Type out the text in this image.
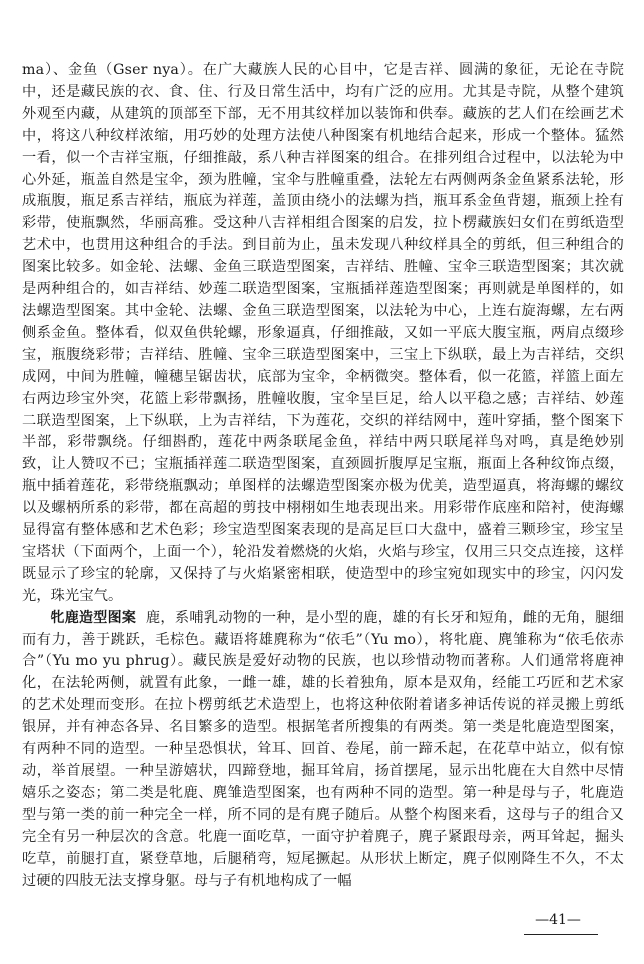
ma）、金鱼（Gser nya）。在广大藏族人民的心目中，它是吉祥、圆满的象征，无论在寺院中，还是藏民族的衣、食、住、行及日常生活中，均有广泛的应用。尤其是寺院，从整个建筑外观至内藏，从建筑的顶部至下部，无不用其纹样加以装饰和供奉。藏族的艺人们在绘画艺术中，将这八种纹样浓缩，用巧妙的处理方法使八种图案有机地结合起来，形成一个整体。猛然一看，似一个吉祥宝瓶，仔细推敲，系八种吉祥图案的组合。在排列组合过程中，以法轮为中心外延，瓶盖自然是宝伞，颈为胜幢，宝伞与胜幢重叠，法轮左右两侧两条金鱼紧系法轮，形成瓶腹，瓶足系吉祥结，瓶底为祥莲，盖顶由绕小的法螺为挡，瓶耳系金鱼背翅，瓶颈上拴有彩带，使瓶飘然，华丽高雅。受这种八吉祥相组合图案的启发，拉卜楞藏族妇女们在剪纸造型艺术中，也贯用这种组合的手法。到目前为止，虽未发现八种纹样具全的剪纸，但三种组合的图案比较多。如金轮、法螺、金鱼三联造型图案，吉祥结、胜幢、宝伞三联造型图案；其次就是两种组合的，如吉祥结、妙莲二联造型图案，宝瓶插祥莲造型图案；再则就是单图样的，如法螺造型图案。其中金轮、法螺、金鱼三联造型图案，以法轮为中心，上连右旋海螺，左右两侧系金鱼。整体看，似双鱼供轮螺，形象逼真，仔细推敲，又如一平底大腹宝瓶，两肩点缀珍宝，瓶腹绕彩带；吉祥结、胜幢、宝伞三联造型图案中，三宝上下纵联，最上为吉祥结，交织成网，中间为胜幢，幢穗呈锯齿状，底部为宝伞，伞柄微突。整体看，似一花篮，祥篮上面左右两边珍宝外突，花篮上彩带飘扬，胜幢收腹，宝伞呈巨足，给人以平稳之感；吉祥结、妙莲二联造型图案，上下纵联，上为吉祥结，下为莲花，交织的祥结网中，莲叶穿插，整个图案下半部，彩带飘绕。仔细斟酌，莲花中两条联尾金鱼，祥结中两只联尾祥鸟对鸣，真是绝妙别致，让人赞叹不已；宝瓶插祥莲二联造型图案，直颈圆折腹厚足宝瓶，瓶面上各种纹饰点缀，瓶中插着莲花，彩带绕瓶飘动；单图样的法螺造型图案亦极为优美，造型逼真，将海螺的螺纹以及螺柄所系的彩带，都在高超的剪技中栩栩如生地表现出来。用彩带作底座和陪衬，使海螺显得富有整体感和艺术色彩；珍宝造型图案表现的是高足巨口大盘中，盛着三颗珍宝，珍宝呈宝塔状（下面两个，上面一个），轮沿发着燃烧的火焰，火焰与珍宝，仅用三只交点连接，这样既显示了珍宝的轮廓，又保持了与火焰紧密相联，使造型中的珍宝宛如现实中的珍宝，闪闪发光，珠光宝气。

牝鹿造型图案 鹿，系哺乳动物的一种，是小型的鹿，雄的有长牙和短角，雌的无角，腿细而有力，善于跳跃，毛棕色。藏语将雄麂称为“依毛”（Yu mo），将牝鹿、麂雏称为“依毛依赤合”（Yu mo yu phrug）。藏民族是爱好动物的民族，也以珍惜动物而著称。人们通常将鹿神化，在法轮两侧，就置有此象，一雌一雄，雄的长着独角，原本是双角，经能工巧匠和艺术家的艺术处理而变形。在拉卜楞剪纸艺术造型上，也将这种依附着诸多神话传说的祥灵搬上剪纸银屏，并有神态各异、名目繁多的造型。根据笔者所搜集的有两类。第一类是牝鹿造型图案，有两种不同的造型。一种呈恐惧状，耸耳、回首、卷尾，前一蹄禾起，在花草中站立，似有惊动，举首展望。一种呈游嬉状，四蹄登地，掘耳耸肩，扬首摆尾，显示出牝鹿在大自然中尽情嬉乐之姿态；第二类是牝鹿、麂雏造型图案，也有两种不同的造型。第一种是母与子，牝鹿造型与第一类的前一种完全一样，所不同的是有麂子随后。从整个构图来看，这母与子的组合又完全有另一种层次的含意。牝鹿一面吃草，一面守护着麂子，麂子紧跟母亲，两耳耸起，掘头吃草，前腿打直，紧登草地，后腿稍弯，短尾撅起。从形状上断定，麂子似刚降生不久，不太过硬的四肢无法支撑身躯。母与子有机地构成了一幅

—41—
